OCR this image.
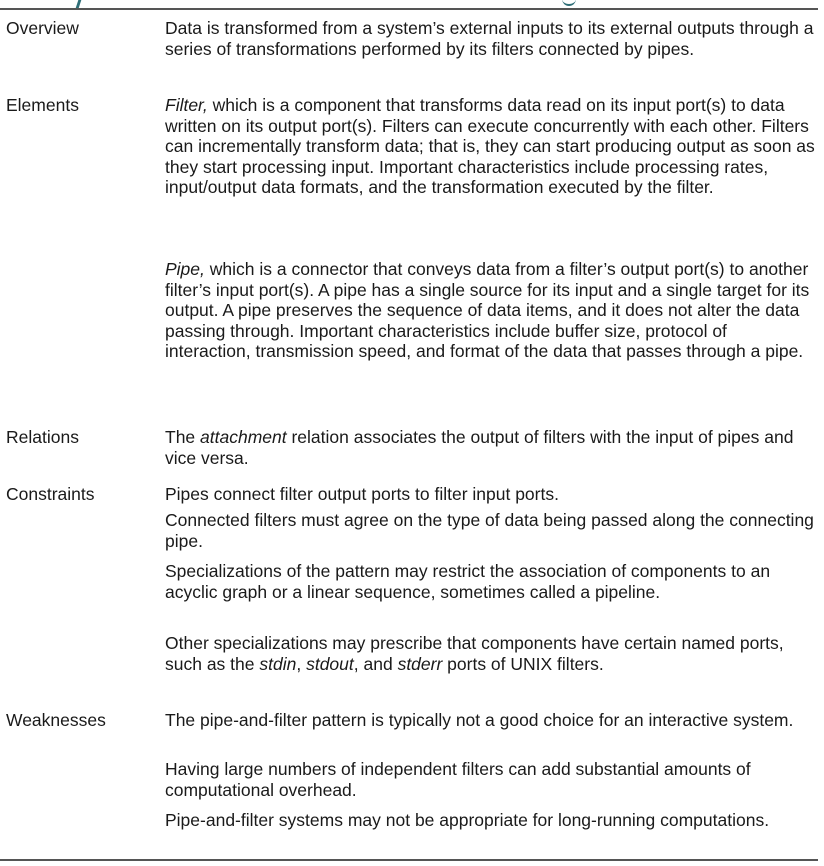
Overview	Data is transformed from a system’s external inputs to its external outputs through a series of transformations performed by its filters connected by pipes.
Elements	Filter, which is a component that transforms data read on its input port(s) to data written on its output port(s). Filters can execute concurrently with each other. Filters can incrementally transform data; that is, they can start producing output as soon as they start processing input. Important characteristics include processing rates, input/output data formats, and the transformation executed by the filter.
Pipe, which is a connector that conveys data from a filter’s output port(s) to another filter’s input port(s). A pipe has a single source for its input and a single target for its output. A pipe preserves the sequence of data items, and it does not alter the data passing through. Important characteristics include buffer size, protocol of interaction, transmission speed, and format of the data that passes through a pipe.
Relations	The attachment relation associates the output of filters with the input of pipes and vice versa.
Constraints	Pipes connect filter output ports to filter input ports.
Connected filters must agree on the type of data being passed along the connecting pipe.
Specializations of the pattern may restrict the association of components to an acyclic graph or a linear sequence, sometimes called a pipeline.
Other specializations may prescribe that components have certain named ports, such as the stdin, stdout, and stderr ports of UNIX filters.
Weaknesses	The pipe-and-filter pattern is typically not a good choice for an interactive system.
Having large numbers of independent filters can add substantial amounts of computational overhead.
Pipe-and-filter systems may not be appropriate for long-running computations.
